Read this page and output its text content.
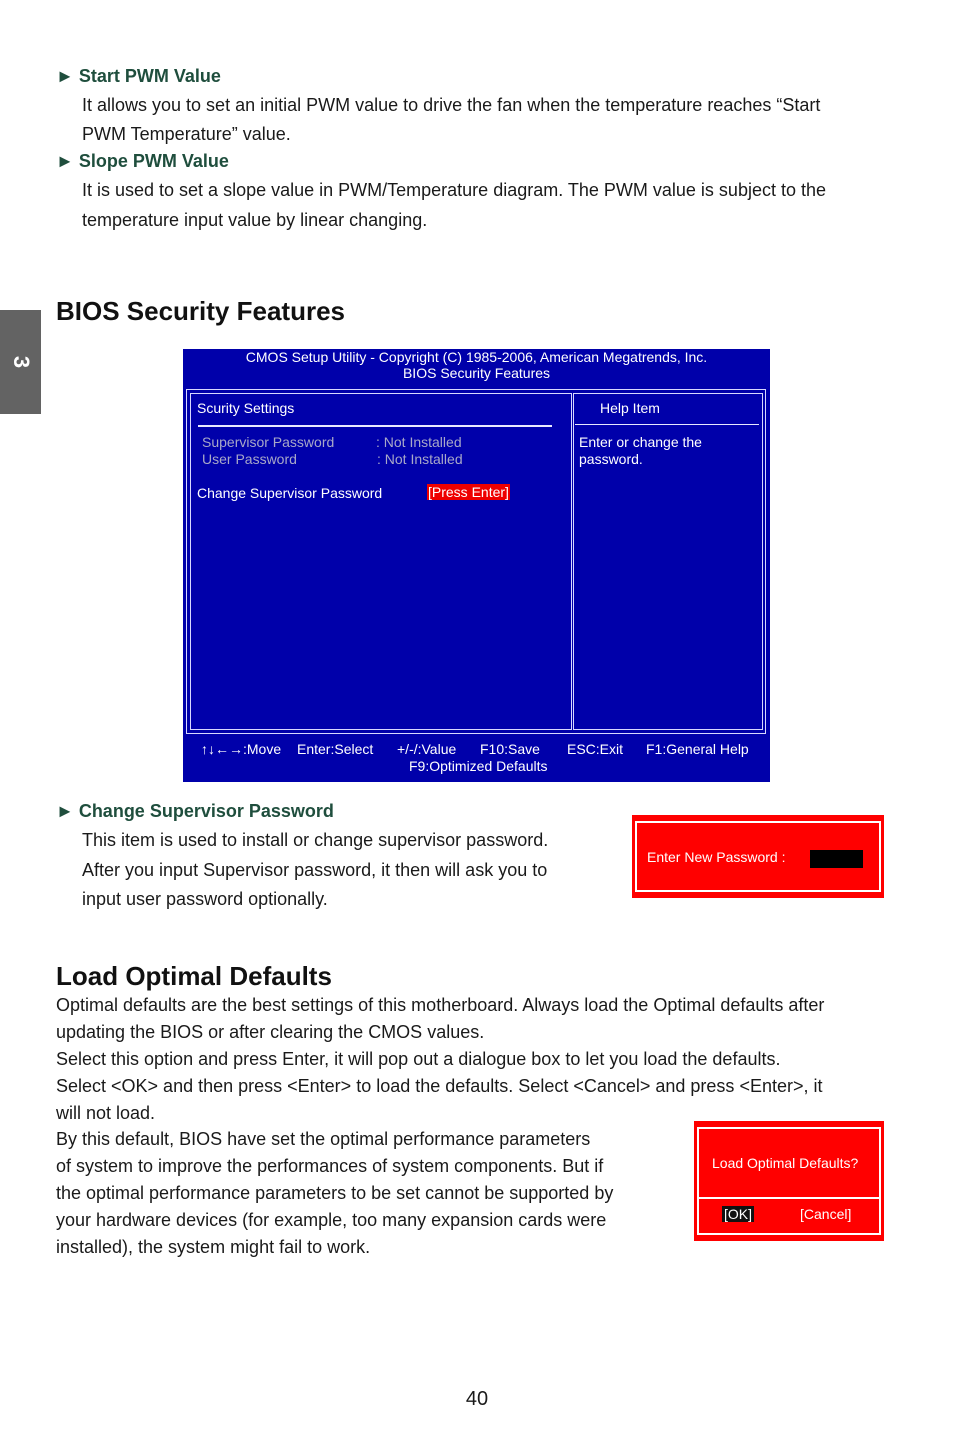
3
► Start PWM Value
It allows you to set an initial PWM value to drive the fan when the temperature reaches “Start
PWM Temperature” value.
► Slope PWM Value
It is used to set a slope value in PWM/Temperature diagram. The PWM value is subject to the
temperature input value by linear changing.
BIOS Security Features
CMOS Setup Utility - Copyright (C) 1985-2006, American Megatrends, Inc.
BIOS Security Features
Scurity Settings	Help Item
Supervisor Password	: Not Installed
User Password	: Not Installed
Change Supervisor Password	[Press Enter]
Enter or change the
password.
↑↓←→:Move Enter:Select +/-/:Value F10:Save ESC:Exit F1:General Help
F9:Optimized Defaults
► Change Supervisor Password
This item is used to install or change supervisor password.
After you input Supervisor password, it then will ask you to
input user password optionally.
Enter New Password :
Load Optimal Defaults
Optimal defaults are the best settings of this motherboard. Always load the Optimal defaults after
updating the BIOS or after clearing the CMOS values.
Select this option and press Enter, it will pop out a dialogue box to let you load the defaults.
Select <OK> and then press <Enter> to load the defaults. Select <Cancel> and press <Enter>, it
will not load.
By this default, BIOS have set the optimal performance parameters
of system to improve the performances of system components. But if
the optimal performance parameters to be set cannot be supported by
your hardware devices (for example, too many expansion cards were
installed), the system might fail to work.
Load Optimal Defaults?
[OK]	[Cancel]
40
